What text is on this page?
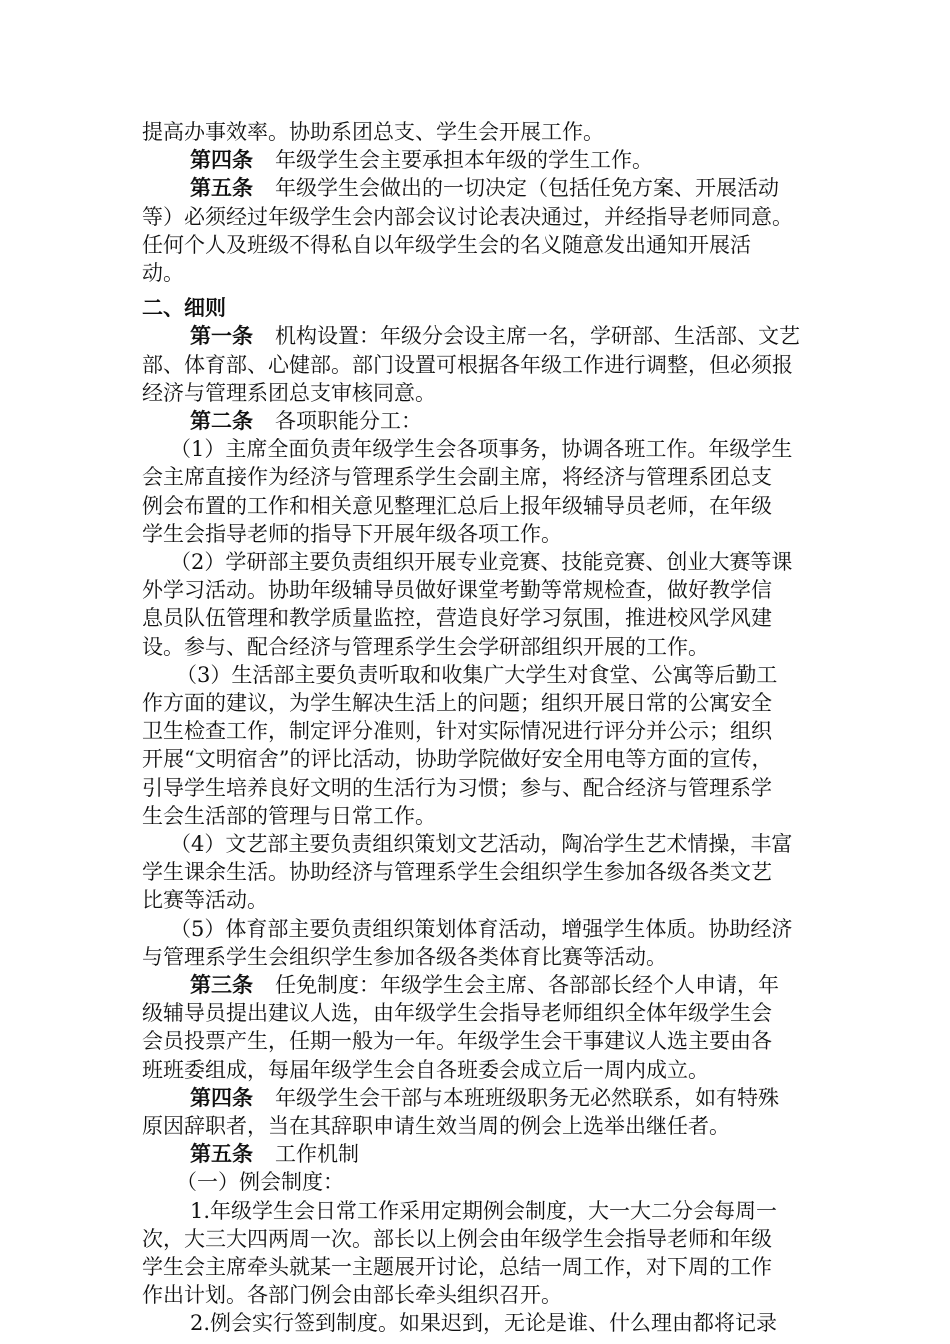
提高办事效率。协助系团总支、学生会开展工作。
第四条 年级学生会主要承担本年级的学生工作。
第五条 年级学生会做出的一切决定（包括任免方案、开展活动
等）必须经过年级学生会内部会议讨论表决通过，并经指导老师同意。
任何个人及班级不得私自以年级学生会的名义随意发出通知开展活
动。
二、细则
第一条 机构设置：年级分会设主席一名，学研部、生活部、文艺
部、体育部、心健部。部门设置可根据各年级工作进行调整，但必须报
经济与管理系团总支审核同意。
第二条 各项职能分工：
（1）主席全面负责年级学生会各项事务，协调各班工作。年级学生
会主席直接作为经济与管理系学生会副主席，将经济与管理系团总支
例会布置的工作和相关意见整理汇总后上报年级辅导员老师，在年级
学生会指导老师的指导下开展年级各项工作。
（2）学研部主要负责组织开展专业竞赛、技能竞赛、创业大赛等课
外学习活动。协助年级辅导员做好课堂考勤等常规检查，做好教学信
息员队伍管理和教学质量监控，营造良好学习氛围，推进校风学风建
设。参与、配合经济与管理系学生会学研部组织开展的工作。
（3）生活部主要负责听取和收集广大学生对食堂、公寓等后勤工
作方面的建议，为学生解决生活上的问题；组织开展日常的公寓安全
卫生检查工作，制定评分准则，针对实际情况进行评分并公示；组织
开展“文明宿舍”的评比活动，协助学院做好安全用电等方面的宣传，
引导学生培养良好文明的生活行为习惯；参与、配合经济与管理系学
生会生活部的管理与日常工作。
（4）文艺部主要负责组织策划文艺活动，陶冶学生艺术情操，丰富
学生课余生活。协助经济与管理系学生会组织学生参加各级各类文艺
比赛等活动。
（5）体育部主要负责组织策划体育活动，增强学生体质。协助经济
与管理系学生会组织学生参加各级各类体育比赛等活动。
第三条 任免制度：年级学生会主席、各部部长经个人申请，年
级辅导员提出建议人选，由年级学生会指导老师组织全体年级学生会
会员投票产生，任期一般为一年。年级学生会干事建议人选主要由各
班班委组成，每届年级学生会自各班委会成立后一周内成立。
第四条 年级学生会干部与本班班级职务无必然联系，如有特殊
原因辞职者，当在其辞职申请生效当周的例会上选举出继任者。
第五条 工作机制
（一）例会制度：
1.年级学生会日常工作采用定期例会制度，大一大二分会每周一
次，大三大四两周一次。部长以上例会由年级学生会指导老师和年级
学生会主席牵头就某一主题展开讨论，总结一周工作，对下周的工作
作出计划。各部门例会由部长牵头组织召开。
2.例会实行签到制度。如果迟到，无论是谁、什么理由都将记录
